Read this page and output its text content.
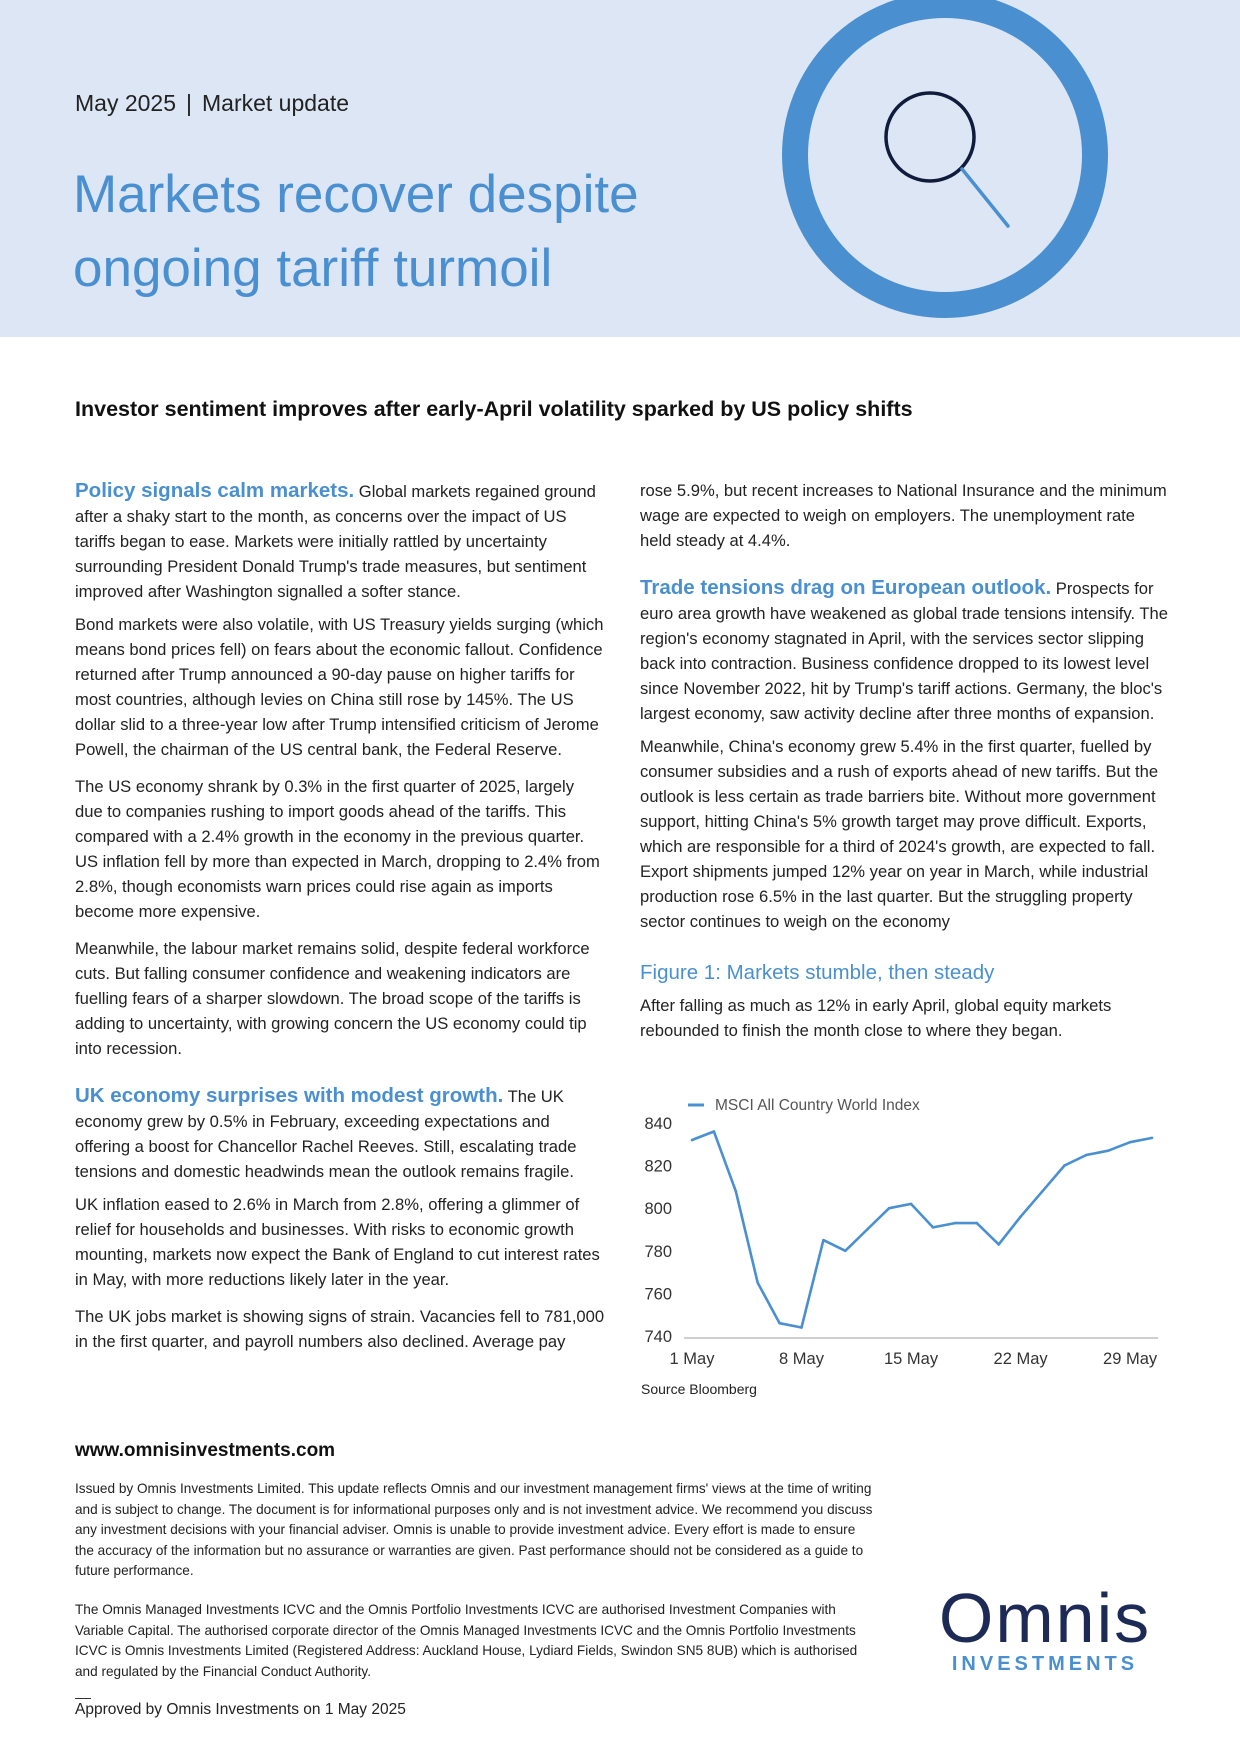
May 2025 | Market update
Markets recover despite
ongoing tariff turmoil
Investor sentiment improves after early-April volatility sparked by US policy shifts

Policy signals calm markets. Global markets regained ground after a shaky start to the month, as concerns over the impact of US tariffs began to ease. Markets were initially rattled by uncertainty surrounding President Donald Trump's trade measures, but sentiment improved after Washington signalled a softer stance.

Bond markets were also volatile, with US Treasury yields surging (which means bond prices fell) on fears about the economic fallout. Confidence returned after Trump announced a 90-day pause on higher tariffs for most countries, although levies on China still rose by 145%. The US dollar slid to a three-year low after Trump intensified criticism of Jerome Powell, the chairman of the US central bank, the Federal Reserve.

The US economy shrank by 0.3% in the first quarter of 2025, largely due to companies rushing to import goods ahead of the tariffs. This compared with a 2.4% growth in the economy in the previous quarter. US inflation fell by more than expected in March, dropping to 2.4% from 2.8%, though economists warn prices could rise again as imports become more expensive.

Meanwhile, the labour market remains solid, despite federal workforce cuts. But falling consumer confidence and weakening indicators are fuelling fears of a sharper slowdown. The broad scope of the tariffs is adding to uncertainty, with growing concern the US economy could tip into recession.

UK economy surprises with modest growth. The UK economy grew by 0.5% in February, exceeding expectations and offering a boost for Chancellor Rachel Reeves. Still, escalating trade tensions and domestic headwinds mean the outlook remains fragile.

UK inflation eased to 2.6% in March from 2.8%, offering a glimmer of relief for households and businesses. With risks to economic growth mounting, markets now expect the Bank of England to cut interest rates in May, with more reductions likely later in the year.

The UK jobs market is showing signs of strain. Vacancies fell to 781,000 in the first quarter, and payroll numbers also declined. Average pay

rose 5.9%, but recent increases to National Insurance and the minimum wage are expected to weigh on employers. The unemployment rate held steady at 4.4%.

Trade tensions drag on European outlook. Prospects for euro area growth have weakened as global trade tensions intensify. The region's economy stagnated in April, with the services sector slipping back into contraction. Business confidence dropped to its lowest level since November 2022, hit by Trump's tariff actions. Germany, the bloc's largest economy, saw activity decline after three months of expansion.

Meanwhile, China's economy grew 5.4% in the first quarter, fuelled by consumer subsidies and a rush of exports ahead of new tariffs. But the outlook is less certain as trade barriers bite. Without more government support, hitting China's 5% growth target may prove difficult. Exports, which are responsible for a third of 2024's growth, are expected to fall. Export shipments jumped 12% year on year in March, while industrial production rose 6.5% in the last quarter. But the struggling property sector continues to weigh on the economy

Figure 1: Markets stumble, then steady

After falling as much as 12% in early April, global equity markets rebounded to finish the month close to where they began.

740
760
780
800
820
840
1 May	8 May	15 May	22 May	29 May
MSCI All Country World Index
Source Bloomberg
www.omnisinvestments.com

Issued by Omnis Investments Limited. This update reflects Omnis and our investment management firms' views at the time of writing and is subject to change. The document is for informational purposes only and is not investment advice. We recommend you discuss any investment decisions with your financial adviser. Omnis is unable to provide investment advice. Every effort is made to ensure the accuracy of the information but no assurance or warranties are given. Past performance should not be considered as a guide to future performance.

The Omnis Managed Investments ICVC and the Omnis Portfolio Investments ICVC are authorised Investment Companies with Variable Capital. The authorised corporate director of the Omnis Managed Investments ICVC and the Omnis Portfolio Investments ICVC is Omnis Investments Limited (Registered Address: Auckland House, Lydiard Fields, Swindon SN5 8UB) which is authorised and regulated by the Financial Conduct Authority.

Approved by Omnis Investments on 1 May 2025
Omnis
INVESTMENTS
